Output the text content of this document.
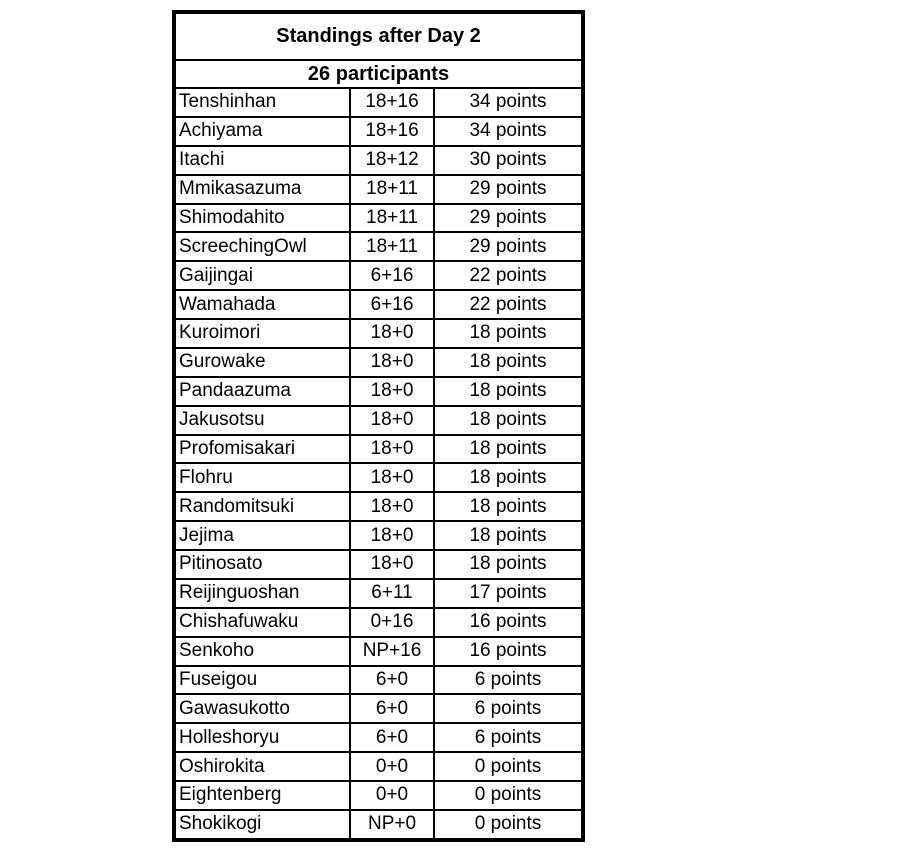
Standings after Day 2		
26 participants		
Tenshinhan	18+16	34 points
Achiyama	18+16	34 points
Itachi	18+12	30 points
Mmikasazuma	18+11	29 points
Shimodahito	18+11	29 points
ScreechingOwl	18+11	29 points
Gaijingai	6+16	22 points
Wamahada	6+16	22 points
Kuroimori	18+0	18 points
Gurowake	18+0	18 points
Pandaazuma	18+0	18 points
Jakusotsu	18+0	18 points
Profomisakari	18+0	18 points
Flohru	18+0	18 points
Randomitsuki	18+0	18 points
Jejima	18+0	18 points
Pitinosato	18+0	18 points
Reijinguoshan	6+11	17 points
Chishafuwaku	0+16	16 points
Senkoho	NP+16	16 points
Fuseigou	6+0	6 points
Gawasukotto	6+0	6 points
Holleshoryu	6+0	6 points
Oshirokita	0+0	0 points
Eightenberg	0+0	0 points
Shokikogi	NP+0	0 points
